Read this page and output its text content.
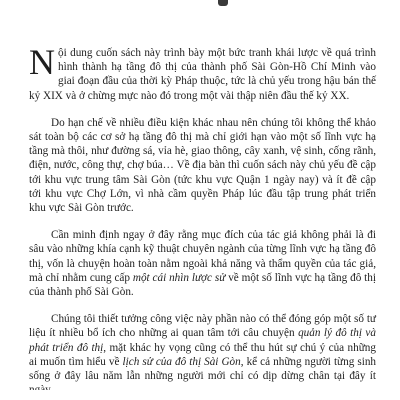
Nội dung cuốn sách này trình bày một bức tranh khái lược về quá trình hình thành hạ tầng đô thị của thành phố Sài Gòn-Hồ Chí Minh vào giai đoạn đầu của thời kỳ Pháp thuộc, tức là chủ yếu trong hậu bán thế kỷ XIX và ở chừng mực nào đó trong một vài thập niên đầu thế kỷ XX.

Do hạn chế về nhiều điều kiện khác nhau nên chúng tôi không thể khảo sát toàn bộ các cơ sở hạ tầng đô thị mà chỉ giới hạn vào một số lĩnh vực hạ tầng mà thôi, như đường sá, vỉa hè, giao thông, cây xanh, vệ sinh, cống rãnh, điện, nước, công thự, chợ búa… Về địa bàn thì cuốn sách này chủ yếu đề cập tới khu vực trung tâm Sài Gòn (tức khu vực Quận 1 ngày nay) và ít đề cập tới khu vực Chợ Lớn, vì nhà cầm quyền Pháp lúc đầu tập trung phát triển khu vực Sài Gòn trước.

Cần minh định ngay ở đây rằng mục đích của tác giả không phải là đi sâu vào những khía cạnh kỹ thuật chuyên ngành của từng lĩnh vực hạ tầng đô thị, vốn là chuyện hoàn toàn nằm ngoài khả năng và thẩm quyền của tác giả, mà chỉ nhằm cung cấp một cái nhìn lược sử về một số lĩnh vực hạ tầng đô thị của thành phố Sài Gòn.

Chúng tôi thiết tưởng công việc này phần nào có thể đóng góp một số tư liệu ít nhiều bổ ích cho những ai quan tâm tới câu chuyện quản lý đô thị và phát triển đô thị, mặt khác hy vọng cũng có thể thu hút sự chú ý của những ai muốn tìm hiểu về lịch sử của đô thị Sài Gòn, kể cả những người từng sinh sống ở đây lâu năm lẫn những người mới chỉ có dịp dừng chân tại đây ít
